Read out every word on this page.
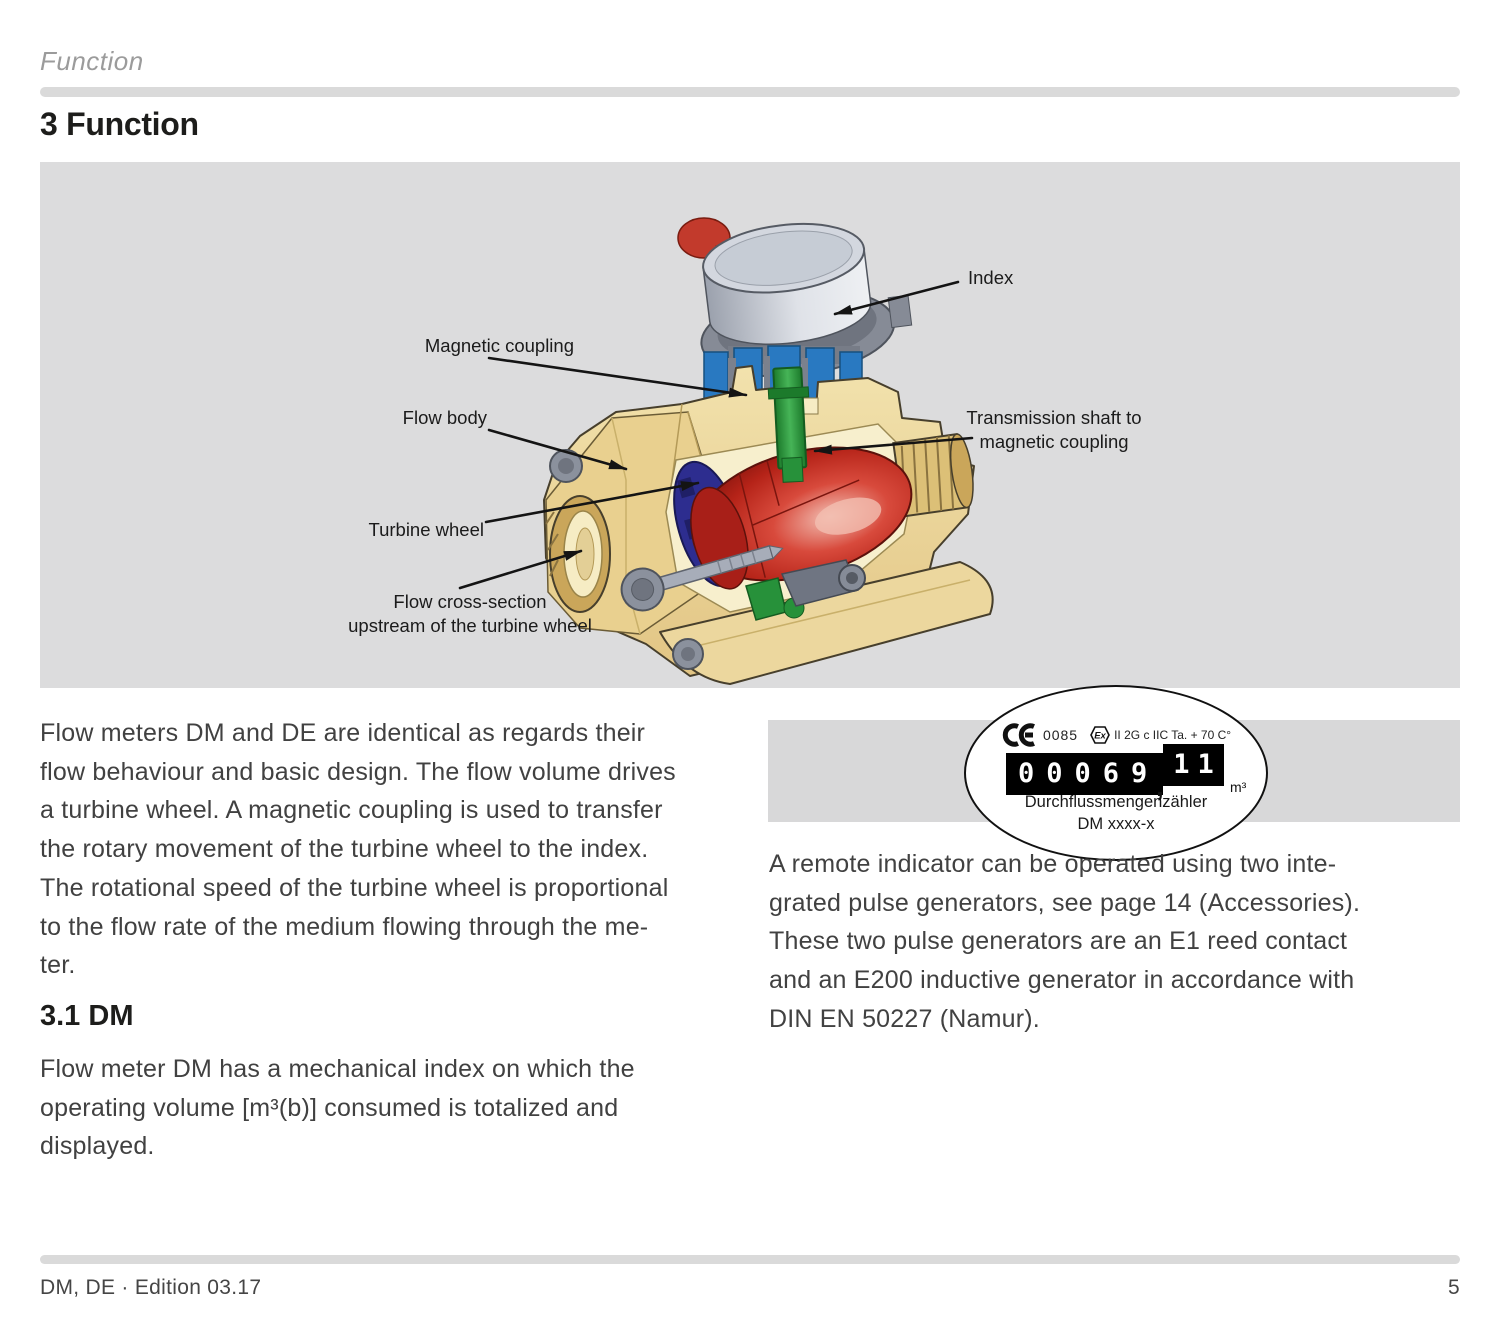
Function
3 Function
Index
Magnetic coupling
Flow body
Turbine wheel
Flow cross-section
upstream of the turbine wheel
Transmission shaft to
magnetic coupling
Flow meters DM and DE are identical as regards their
flow behaviour and basic design. The flow volume drives
a turbine wheel. A magnetic coupling is used to transfer
the rotary movement of the turbine wheel to the index.
The rotational speed of the turbine wheel is proportional
to the flow rate of the medium flowing through the me-
ter.
3.1 DM
Flow meter DM has a mechanical index on which the
operating volume [m³(b)] consumed is totalized and
displayed.
0085 Ex II 2G c IIC Ta. + 70 C°
00069 11
,	m³
Durchflussmengenzähler
DM xxxx-x
A remote indicator can be operated using two inte-
grated pulse generators, see page 14 (Accessories).
These two pulse generators are an E1 reed contact
and an E200 inductive generator in accordance with
DIN EN 50227 (Namur).
DM, DE · Edition 03.17	5
